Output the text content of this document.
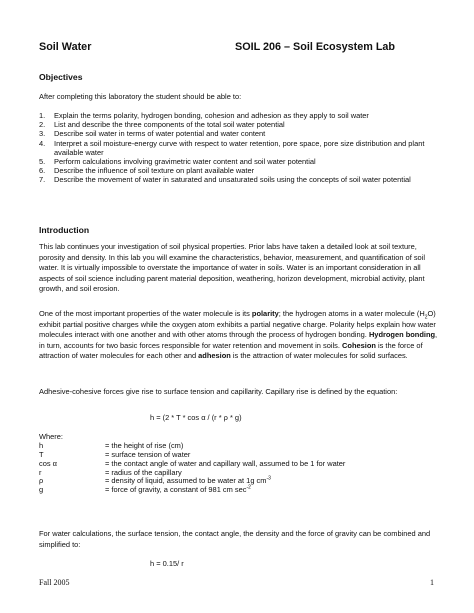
Soil Water	SOIL 206 – Soil Ecosystem Lab
Objectives
After completing this laboratory the student should be able to:
1. Explain the terms polarity, hydrogen bonding, cohesion and adhesion as they apply to soil water
2. List and describe the three components of the total soil water potential
3. Describe soil water in terms of water potential and water content
4. Interpret a soil moisture-energy curve with respect to water retention, pore space, pore size distribution and plant available water
5. Perform calculations involving gravimetric water content and soil water potential
6. Describe the influence of soil texture on plant available water
7. Describe the movement of water in saturated and unsaturated soils using the concepts of soil water potential
Introduction
This lab continues your investigation of soil physical properties. Prior labs have taken a detailed look at soil texture, porosity and density. In this lab you will examine the characteristics, behavior, measurement, and quantification of soil water. It is virtually impossible to overstate the importance of water in soils. Water is an important consideration in all aspects of soil science including parent material deposition, weathering, horizon development, microbial activity, plant growth, and soil erosion.
One of the most important properties of the water molecule is its polarity; the hydrogen atoms in a water molecule $(H_2O)$ exhibit partial positive charges while the oxygen atom exhibits a partial negative charge. Polarity helps explain how water molecules interact with one another and with other atoms through the process of hydrogen bonding. Hydrogen bonding, in turn, accounts for two basic forces responsible for water retention and movement in soils. Cohesion is the force of attraction of water molecules for each other and adhesion is the attraction of water molecules for solid surfaces.
Adhesive-cohesive forces give rise to surface tension and capillarity. Capillary rise is defined by the equation:
h = (2 * T * cos α / (r * ρ * g)
Where:
h	= the height of rise (cm)
T	= surface tension of water
cos α	= the contact angle of water and capillary wall, assumed to be 1 for water
r	= radius of the capillary
ρ	= density of liquid, assumed to be water at 1g $cm^{-3}$
g	= force of gravity, a constant of 981 cm $\sec^{-2}$
For water calculations, the surface tension, the contact angle, the density and the force of gravity can be combined and simplified to:
h = 0.15/ r
Fall 2005	1
